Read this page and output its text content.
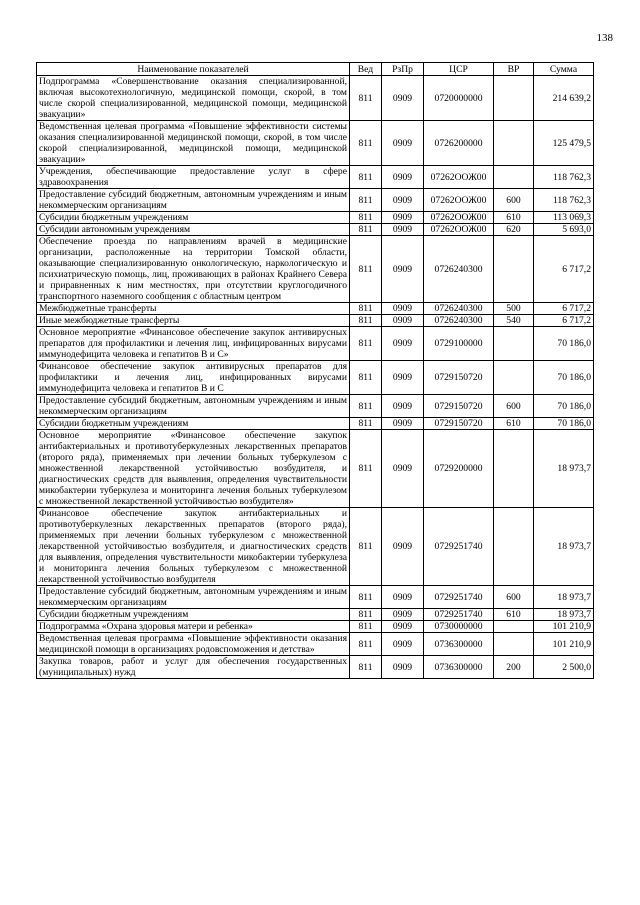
138
Наименование показателей	Вед	РзПр	ЦСР	ВР	Сумма
Подпрограмма «Совершенствование оказания специализированной, включая высокотехнологичную, медицинской помощи, скорой, в том числе скорой специализированной, медицинской помощи, медицинской эвакуации»	811	0909	0720000000		214 639,2
Ведомственная целевая программа «Повышение эффективности системы оказания специализированной медицинской помощи, скорой, в том числе скорой специализированной, медицинской помощи, медицинской эвакуации»	811	0909	0726200000		125 479,5
Учреждения, обеспечивающие предоставление услуг в сфере здравоохранения	811	0909	07262ООЖ00		118 762,3
Предоставление субсидий бюджетным, автономным учреждениям и иным некоммерческим организациям	811	0909	07262ООЖ00	600	118 762,3
Субсидии бюджетным учреждениям	811	0909	07262ООЖ00	610	113 069,3
Субсидии автономным учреждениям	811	0909	07262ООЖ00	620	5 693,0
Обеспечение проезда по направлениям врачей в медицинские организации, расположенные на территории Томской области, оказывающие специализированную онкологическую, наркологическую и психиатрическую помощь, лиц, проживающих в районах Крайнего Севера и приравненных к ним местностях, при отсутствии круглогодичного транспортного наземного сообщения с областным центром	811	0909	0726240300		6 717,2
Межбюджетные трансферты	811	0909	0726240300	500	6 717,2
Иные межбюджетные трансферты	811	0909	0726240300	540	6 717,2
Основное мероприятие «Финансовое обеспечение закупок антивирусных препаратов для профилактики и лечения лиц, инфицированных вирусами иммунодефицита человека и гепатитов В и С»	811	0909	0729100000		70 186,0
Финансовое обеспечение закупок антивирусных препаратов для профилактики и лечения лиц, инфицированных вирусами иммунодефицита человека и гепатитов В и С	811	0909	0729150720		70 186,0
Предоставление субсидий бюджетным, автономным учреждениям и иным некоммерческим организациям	811	0909	0729150720	600	70 186,0
Субсидии бюджетным учреждениям	811	0909	0729150720	610	70 186,0
Основное мероприятие «Финансовое обеспечение закупок антибактериальных и противотуберкулезных лекарственных препаратов (второго ряда), применяемых при лечении больных туберкулезом с множественной лекарственной устойчивостью возбудителя, и диагностических средств для выявления, определения чувствительности микобактерии туберкулеза и мониторинга лечения больных туберкулезом с множественной лекарственной устойчивостью возбудителя»	811	0909	0729200000		18 973,7
Финансовое обеспечение закупок антибактериальных и противотуберкулезных лекарственных препаратов (второго ряда), применяемых при лечении больных туберкулезом с множественной лекарственной устойчивостью возбудителя, и диагностических средств для выявления, определения чувствительности микобактерии туберкулеза и мониторинга лечения больных туберкулезом с множественной лекарственной устойчивостью возбудителя	811	0909	0729251740		18 973,7
Предоставление субсидий бюджетным, автономным учреждениям и иным некоммерческим организациям	811	0909	0729251740	600	18 973,7
Субсидии бюджетным учреждениям	811	0909	0729251740	610	18 973,7
Подпрограмма «Охрана здоровья матери и ребенка»	811	0909	0730000000		101 210,9
Ведомственная целевая программа «Повышение эффективности оказания медицинской помощи в организациях родовспоможения и детства»	811	0909	0736300000		101 210,9
Закупка товаров, работ и услуг для обеспечения государственных (муниципальных) нужд	811	0909	0736300000	200	2 500,0
